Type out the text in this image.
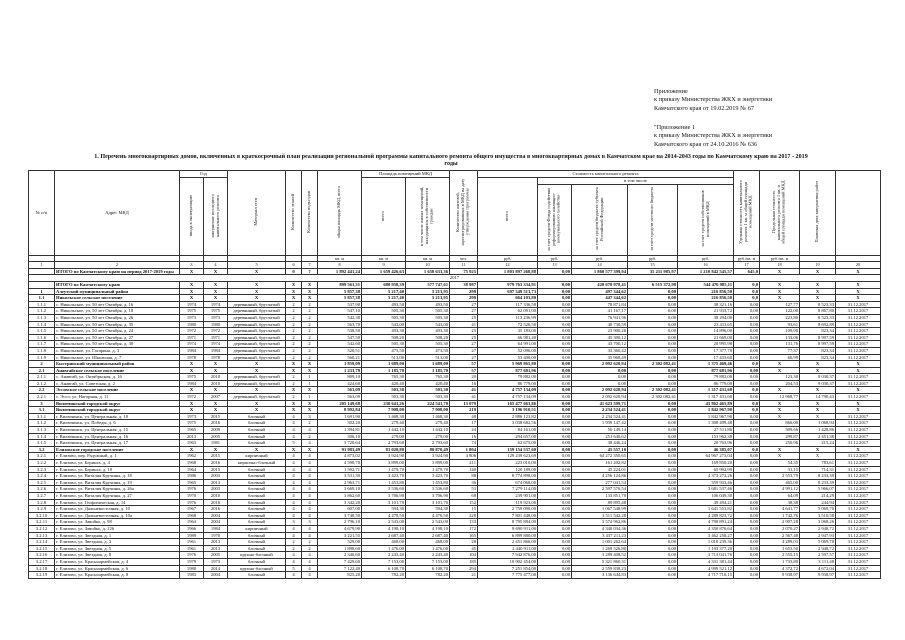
Приложение
к приказу Министерства ЖКХ и энергетики
Камчатского края от 19.02.2019 № 67
"Приложение 1
к приказу Министерства ЖКХ и энергетики
Камчатского края от 24.10.2016 № 636
1. Перечень многоквартирных домов, включенных в краткосрочный план реализации региональной программы капитального ремонта общего имущества в многоквартирных домах в Камчатском крае на 2014-2043 годы по Камчатскому краю на 2017 - 2019
годы
№ п/п	Адрес МКД	Год		Материал стен	Количество этажей	Количество подъездов	общая площадь МКД, всего	Площадь помещений МКД		Количество жителей, зарегистрированных в МКД на дату утверждения программы	Стоимость капитального ремонта					Удельная стоимость капитального ремонта 1 кв. м общей площади помещений МКД	Предельная стоимость капитального ремонта 1 кв. м общей площади помещений МКД	Плановая дата завершения работ	
		ввода в эксплуатацию	завершение последнего капитального ремонта					всего	в том числе жилых помещений, находящихся в собственности граждан		всего	в том числе							
												за счет средств Фонда содействия реформированию жилищно-коммунального хозяйства	за счет средств бюджета субъекта Российской Федерации	за счет средств местного бюджета	за счет средств собственников помещений в МКД				
							кв. м	кв. м	кв. м	чел.	руб.	руб.	руб.	руб.	руб.	руб./кв. м	руб./кв. м		
1	2	3	4	5	6	7	8	9	10	11	12	13	14	15	16	17	18	19	20
	ИТОГО по Камчатскому краю на период 2017-2019 годы	X	X	X	0	7	1 892 441,24	1 659 426,63	1 658 633,36	75 925	1 803 897 268,88	0,00	1 860 577 399,94	35 211 985,97	1 210 842 545,57	645,0	X	X	X
2017																			
	ИТОГО по Камчатскому краю	X	X	X	X	X	899 561,31	680 958,39	577 747,61	38 987	979 763 334,91	0,00	420 678 978,41	6 515 372,98	544 470 985,11	0,0	X	X	X
1	Алеутский муниципальный район	X	X	X	X	X	5 857,38	5 217,40	5 213,95	299	697 349 513,73	0,00	497 344,62	0,00	216 856,50	0,0	X	X	X
1.1	Никольское сельское поселение	X	X	X	X	X	5 857,38	5 217,40	5 213,95	299	664 103,80	0,00	447 344,62	0,00	216 856,50	0,0	X	X	X
1.1.1	с. Никольское, ул. 50 лет Октября, д. 16	1974	1974	деревянный, брусчатый	2	2	537,90	493,50	493,50	27	117 336,58	0,00	78 871,84	0,00	38 321,16	0,00	127,77	8 523,33	31.12.2017
1.1.2	с. Никольское, ул. 50 лет Октября, д. 18	1975	1975	деревянный, брусчатый	2	2	547,10	505,30	505,30	27	62 091,00	0,00	41 167,17	0,00	21 933,72	0,00	122,00	8 867,80	31.12.2017
1.1.3	с. Никольское, ул. 50 лет Октября, д. 26	1973	1973	деревянный, брусчатый	2	2	542,30	505,30	505,30	25	113 236,99	0,00	76 941,96	0,00	38 294,00	0,00	223,80	8 523,33	31.12.2017
1.1.4	с. Никольское, ул. 50 лет Октября, д. 35	1980	1980	деревянный, брусчатый	2	2	563,70	543,00	543,00	41	72 526,50	0,00	48 730,59	0,00	23 411,65	0,00	93,61	8 692,89	31.12.2017
1.1.5	с. Никольское, ул. 50 лет Октября, д. 24	1972	1972	деревянный, брусчатый	2	2	538,50	493,30	493,30	25	35 183,00	0,00	23 900,26	0,00	14 896,00	0,00	109,90	823,34	31.12.2017
1.1.6	с. Никольское, ул. 50 лет Октября, д. 27	1971	1971	деревянный, брусчатый	2	2	547,50	508,20	508,20	25	66 981,40	0,00	45 300,12	0,00	21 669,00	0,00	133,06	8 997,59	31.12.2017
1.1.7	с. Никольское, ул. 50 лет Октября, д. 30	1974	1974	деревянный, брусчатый	2	2	542,60	505,30	505,30	27	64 991,00	0,00	43 700,12	0,00	20 995,98	0,00	131,76	8 997,59	31.12.2017
1.1.8	с. Никольское, ул. Гагарина, д. 3	1984	1984	деревянный, брусчатый	2	2	520,51	473,50	473,50	27	52 096,00	0,00	33 360,42	0,00	17 377,70	0,00	77,37	823,34	31.12.2017
1.1.9	с. Никольское, ул. Школьная, д. 7	1978	1978	деревянный, брусчатый	2	2	560,21	513,00	513,00	27	53 400,00	0,00	35 968,49	0,00	17 433,60	0,00	60,99	823,34	31.12.2017
2	Быстринский муниципальный район	X	X	X	X	X	1 859,09	1 689,00	1 689,00	57	5 969 865,80	0,00	2 092 620,94	2 302 082,41	1 375 469,46	0,0	X	X	X
2.1	Анавгайское сельское поселение	X	X	X	X	X	1 233,79	1 185,70	1 185,70	57	877 681,96	0,00	0,00	0,00	877 681,96	0,00	X	X	X
2.1.1	с. Анавгай, ул. Октябрьская, д. 16	1975	2010	деревянный, брусчатый	2	1	809,10	765,30	765,30	20	79 882,00	0,00	0,00	0,00	79 882,00	0,00	123,30	9 030,37	31.12.2017
2.1.2	с. Анавгай, ул. Советская, д. 2	1984	2010	деревянный, брусчатый	2	1	424,60	420,40	420,40	16	86 779,00	0,00	0,00	0,00	86 779,00	0,00	204,53	9 030,37	31.12.2017
2.2	Эссовское сельское поселение	X	X	X	X	X	563,09	503,30	503,30	41	4 757 134,09	0,00	2 092 620,94	2 302 082,41	1 317 431,68	0,0	X	X	X
2.2.1	с. Эссо, ул. Нагорная, д. 11	1972	2007	деревянный, брусчатый	2	1	563,09	503,30	503,30	41	4 757 134,09	0,00	2 092 620,94	2 302 082,41	1 317 431,68	0,00	12 968,77	14 790,43	31.12.2017
3	Вилючинский городской округ	X	X	X	X	X	205 149,68	230 641,26	224 541,70	13 079	165 477 663,86	0,00	41 623 599,71	0,00	43 862 465,89	0,0	X	X	X
3.1	Вилючинский городской округ	X	X	X	X	X	8 992,84	7 908,00	7 908,00	219	3 196 910,51	0,00	2 234 524,41	0,00	1 842 967,90	0,0	X	X	X
3.1.1	г. Вилючинск, ул. Центральная, д. 10	1973	2015	блочный	4	3	1 691,90	1 468,30	1 468,30	48	2 886 123,82	0,00	2 234 524,41	0,00	1 842 967,90	0,00	X	X	31.12.2017
3.1.2	г. Вилючинск, ул. Победы, д. 6	1975	2016	блочный	4	2	302,20	279,40	279,40	17	3 038 682,56	0,00	1 939 147,42	0,00	1 308 499,48	0,00	866,00	1 068,94	31.12.2017
3.1.3	г. Вилючинск, ул. Центральная, д. 15	1965	2009	блочный	4	4	1 394,81	1 442,10	1 442,10	24	84 161,00	0,00	50 149,14	0,00	27 511,86	0,00	309,66	1 428,86	31.12.2017
3.1.4	г. Вилючинск, ул. Центральная, д. 16	2013	2005	блочный	4	2	306,10	279,00	279,00	16	294 657,00	0,00	251 640,62	0,00	153 962,38	0,00	299,87	2 451,38	31.12.2017
3.1.5	г. Вилючинск, ул. Центральная, д. 17	1963	1981	блочный	5	4	3 720,64	2 793,60	2 793,60	74	62 675,00	0,00	38 446,24	0,00	20 763,96	0,00	250,96	215,24	31.12.2017
3.2	Елизовское городское поселение	X	X	X	X	X	91 983,49	81 020,80	80 870,49	1 804	159 154 537,60	0,00	45 557,10	0,00	46 385,07	0,0	X	X	X
3.2.1	г. Елизово, пер. Радужный, д. 1	1962	2015	кирпичный	4	4	4 873,02	3 924,90	3 924,90	4 806	129 239 623,69	0,00	64 272 350,65	0,00	64 967 273,04	0,00	X	X	31.12.2017
3.2.2	г. Елизово, ул. Беринга, д. 4	1968	2016	кирпично-блочный	4	4	4 590,70	3 899,00	3 899,00	211	223 010,00	0,00	161 202,82	0,00	169 850,20	0,00	54,35	783,61	31.12.2017
3.2.3	г. Елизово, ул. Беринга, д. 19	1964	2015	блочный	4	4	1 592,71	1 479,70	1 479,70	140	120 189,00	0,00	45 224,01	0,00	65 992,99	0,00	31,15	714,31	31.12.2017
3.2.4	г. Елизово, ул. Виталия Кручины, д. 18	1986	2003	блочный	4	4	3 531,30	3 423,70	3 423,70	88	8 774 898,00	0,00	4 256 124,86	0,00	4 373 272,26	0,00	2 553,79	8 233,39	31.12.2017
3.2.5	г. Елизово, ул. Виталия Кручины, д. 19	1965	2013	блочный	4	4	2 963,71	1 453,80	1 453,80	36	674 068,00	0,00	277 041,54	0,00	359 933,46	0,00	465,00	8 233,39	31.12.2017
3.2.6	г. Елизово, ул. Виталия Кручины, д. 26а	1976	2003	блочный	4	4	3 669,10	3 536,60	3 536,60	53	7 279 114,00	0,00	2 597 576,54	0,00	3 681 537,46	0,00	4 991,12	5 966,07	31.12.2017
3.2.7	г. Елизово, ул. Виталия Кручины, д. 27	1970	2010	блочный	4	4	3 862,60	3 706,90	3 706,90	68	239 901,00	0,00	133 851,70	0,00	106 049,30	0,00	64,09	214,29	31.12.2017
3.2.8	г. Елизово, ул. Геофизическая, д. 14	1976	2016	блочный	4	4	3 342,20	3 101,70	3 101,70	152	119 923,00	0,00	89 895,48	0,00	49 494,21	0,00	38,38	244,94	31.12.2017
3.2.9	г. Елизово, ул. Дальневосточная, д. 10	1967	2016	блочный	4	4	607,00	594,30	594,30	15	2 759 090,00	0,00	1 067 548,99	0,00	1 641 553,82	0,00	4 641,77	5 069,70	31.12.2017
3.2.10	г. Елизово, ул. Дальневосточная, д. 10а	1968	2004	блочный	4	4	3 748,50	4 478,50	4 476,50	228	7 801 448,00	0,00	3 511 542,28	0,00	4 289 823,72	0,00	1 742,76	3 510,58	31.12.2017
3.2.11	г. Елизово, ул. Завойко, д. 98	1964	2004	блочный	3	3	2 796,10	2 543,00	2 543,00	133	8 795 884,00	0,00	3 574 962,86	0,00	4 790 891,24	0,00	2 907,28	3 068,26	31.12.2017
3.2.12	г. Елизово, ул. Завойко, д. 126	1966	1984	кирпичный	4	4	4 679,90	4 198,10	4 198,10	172	8 690 911,00	0,00	4 340 034,36	0,00	4 350 876,64	0,00	2 070,27	2 948,72	31.12.2017
3.2.13	г. Елизово, ул. Звездная, д. 1	1989	1970	блочный	4	4	3 221,55	2 687,40	2 687,40	165	6 899 880,00	0,00	3 437 211,23	0,00	3 462 258,27	0,00	2 567,48	2 947,93	31.12.2017
3.2.14	г. Елизово, ул. Звездная, д. 3	1961	2013	блочный	2	2	529,00	468,00	468,00	28	2 451 866,00	0,00	1 001 262,64	0,00	1 010 239,36	0,00	4 289,03	5 069,70	31.12.2017
3.2.15	г. Елизово, ул. Звездная, д. 5	1961	2013	блочный	2	2	1 898,60	1 476,00	1 476,00	45	2 440 911,00	0,00	1 269 526,80	0,00	1 193 377,20	0,00	1 653,50	2 948,72	31.12.2017
3.2.16	г. Елизово, ул. Звездная, д. 8	1976	2005	крупно-блочный	4	4	2 340,60	2 243,40	2 243,40	104	7 942 876,00	0,00	3 289 408,52	0,00	3 713 041,76	0,00	2 555,15	2 597,57	31.12.2017
3.2.17	г. Елизово, ул. Красноармейская, д. 4	1979	1973	блочный	4	4	7 429,60	7 153,00	7 153,00	185	10 902 454,00	0,00	5 321 860,31	0,00	4 331 381,44	0,00	1 733,80	3 111,48	31.12.2017
3.2.18	г. Елизово, ул. Красноармейская, д. 6	1980	2014	крупно-блочный	5	4	7 122,40	6 108,70	6 108,70	294	7 251 854,00	0,00	2 559 838,23	0,00	4 999 521,12	0,00	4 372,72	4 672,04	31.12.2017
3.2.19	г. Елизово, ул. Красноармейская, д. 8	1983	2004	блочный	4	4	825,20	782,20	782,20	21	7 775 477,00	0,00	3 136 644,83	0,00	4 717 716,15	0,00	9 938,97	9 938,97	31.12.2017
